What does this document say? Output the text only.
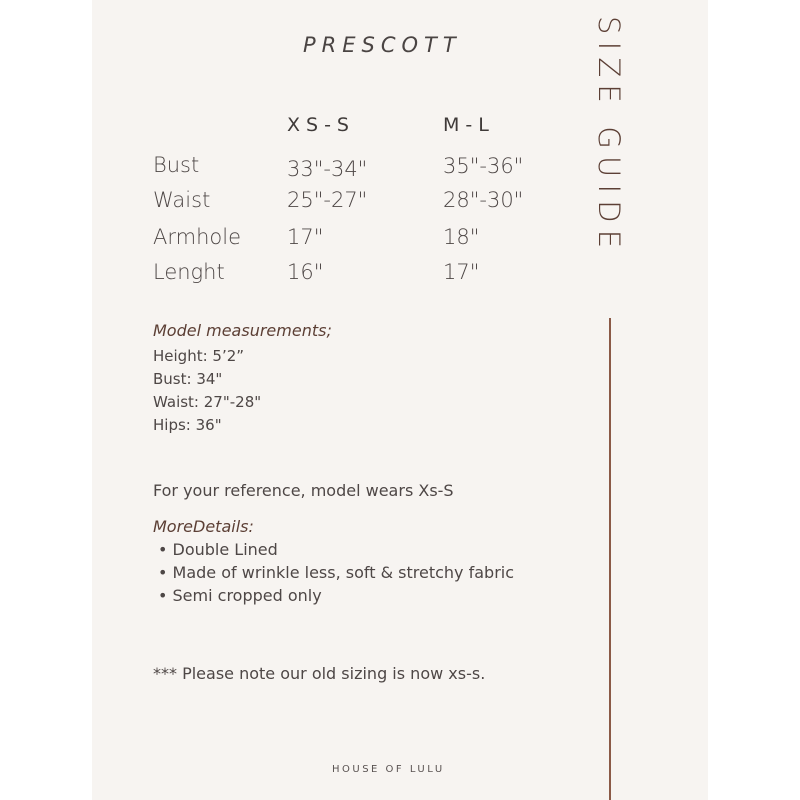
PRESCOTT
XS-S	M-L
Bust	33"-34"	35"-36"
Waist	25"-27"	28"-30"
Armhole 17"	18"
Lenght	16"	17"
Model measurements;
Height: 5’2”
Bust: 34"
Waist: 27"-28"
Hips: 36"
For your reference, model wears Xs-S
MoreDetails:
• Double Lined
• Made of wrinkle less, soft & stretchy fabric
• Semi cropped only
*** Please note our old sizing is now xs-s.
HOUSE OF LULU
SIZE GUIDE
